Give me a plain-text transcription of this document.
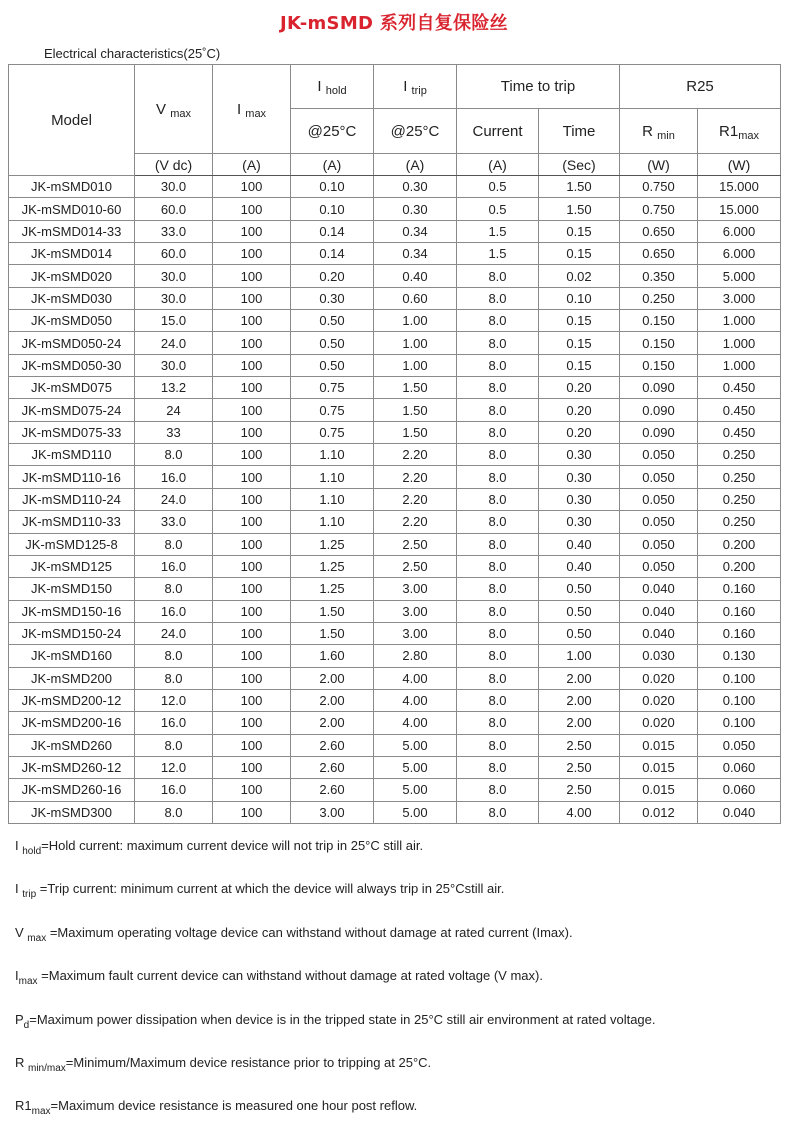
JK-mSMD 系列自复保险丝
Electrical characteristics(25˚C)
Model	V $_{max}$	I $_{max}$	I $_{hold}$	I $_{trip}$	Time to trip		R25	
			@25°C	@25°C	Current	Time	R $_{min}$	$R1_{max}$
	(V dc)	(A)	(A)	(A)	(A)	(Sec)	(W)	(W)
JK-mSMD010	30.0	100	0.10	0.30	0.5	1.50	0.750	15.000
JK-mSMD010-60	60.0	100	0.10	0.30	0.5	1.50	0.750	15.000
JK-mSMD014-33	33.0	100	0.14	0.34	1.5	0.15	0.650	6.000
JK-mSMD014	60.0	100	0.14	0.34	1.5	0.15	0.650	6.000
JK-mSMD020	30.0	100	0.20	0.40	8.0	0.02	0.350	5.000
JK-mSMD030	30.0	100	0.30	0.60	8.0	0.10	0.250	3.000
JK-mSMD050	15.0	100	0.50	1.00	8.0	0.15	0.150	1.000
JK-mSMD050-24	24.0	100	0.50	1.00	8.0	0.15	0.150	1.000
JK-mSMD050-30	30.0	100	0.50	1.00	8.0	0.15	0.150	1.000
JK-mSMD075	13.2	100	0.75	1.50	8.0	0.20	0.090	0.450
JK-mSMD075-24	24	100	0.75	1.50	8.0	0.20	0.090	0.450
JK-mSMD075-33	33	100	0.75	1.50	8.0	0.20	0.090	0.450
JK-mSMD110	8.0	100	1.10	2.20	8.0	0.30	0.050	0.250
JK-mSMD110-16	16.0	100	1.10	2.20	8.0	0.30	0.050	0.250
JK-mSMD110-24	24.0	100	1.10	2.20	8.0	0.30	0.050	0.250
JK-mSMD110-33	33.0	100	1.10	2.20	8.0	0.30	0.050	0.250
JK-mSMD125-8	8.0	100	1.25	2.50	8.0	0.40	0.050	0.200
JK-mSMD125	16.0	100	1.25	2.50	8.0	0.40	0.050	0.200
JK-mSMD150	8.0	100	1.25	3.00	8.0	0.50	0.040	0.160
JK-mSMD150-16	16.0	100	1.50	3.00	8.0	0.50	0.040	0.160
JK-mSMD150-24	24.0	100	1.50	3.00	8.0	0.50	0.040	0.160
JK-mSMD160	8.0	100	1.60	2.80	8.0	1.00	0.030	0.130
JK-mSMD200	8.0	100	2.00	4.00	8.0	2.00	0.020	0.100
JK-mSMD200-12	12.0	100	2.00	4.00	8.0	2.00	0.020	0.100
JK-mSMD200-16	16.0	100	2.00	4.00	8.0	2.00	0.020	0.100
JK-mSMD260	8.0	100	2.60	5.00	8.0	2.50	0.015	0.050
JK-mSMD260-12	12.0	100	2.60	5.00	8.0	2.50	0.015	0.060
JK-mSMD260-16	16.0	100	2.60	5.00	8.0	2.50	0.015	0.060
JK-mSMD300	8.0	100	3.00	5.00	8.0	4.00	0.012	0.040
I $_{hold}$=Hold current: maximum current device will not trip in 25°C still air.
I $_{trip}$ =Trip current: minimum current at which the device will always trip in 25°Cstill air.
V $_{max}$ =Maximum operating voltage device can withstand without damage at rated current (Imax).
$I_{max}$ =Maximum fault current device can withstand without damage at rated voltage (V max).
$P_d=Maximum$ power dissipation when device is in the tripped state in 25°C still air environment at rated voltage.
R $_{min/max}$=Minimum/Maximum device resistance prior to tripping at 25°C.
$R1_{max}=Maximum$ device resistance is measured one hour post reflow.
